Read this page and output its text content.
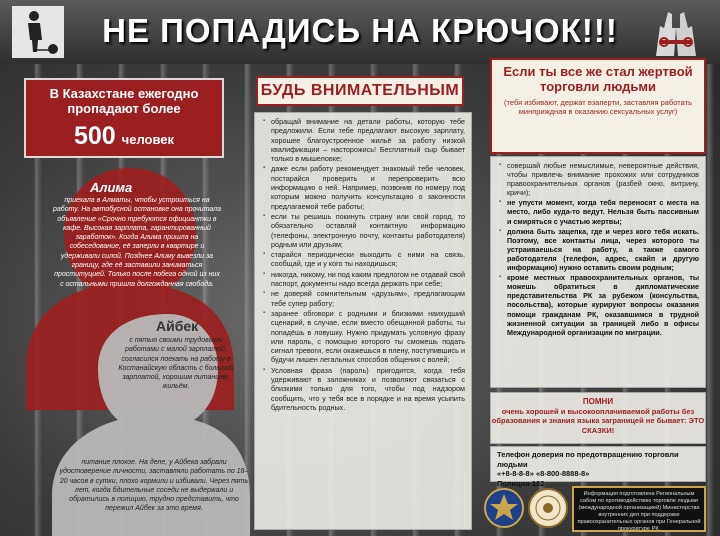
НЕ ПОПАДИСЬ НА КРЮЧОК!!!
В Казахстане ежегодно
пропадают более
500 человек
Алима
приехала в Алматы, чтобы устроиться на работу. На автобусной остановке она прочитала объявление «Срочно требуются официантки в кафе. Высокая зарплата, гарантированный заработок». Когда Алима пришла на собеседование, её заперли в квартире и удерживали силой. Позднее Алиму вывезли за границу, где её заставили заниматься проституцией. Только после побега одной из них с остальными пришла долгожданная свобода.
Айбек
с пятью своими трудовыми работами с малой зарплатой, согласился поехать на работу в Костанайскую область с большой зарплатой, хорошим питанием, жильём.
питание плохое. На деле, у Айбека забрали удостоверение личности, заставляли работать по 18–20 часов в сутки, плохо кормили и избивали. Через пять лет, когда бдительные соседи не выдержали и обратились в полицию, трудно представить, что пережил Айбек за это время.
БУДЬ ВНИМАТЕЛЬНЫМ
▪ обращай внимание на детали работы, которую тебе предложили. Если тебе предлагают высокую зарплату, хорошее благоустроенное жильё за работу низкой квалификации – насторожись! Бесплатный сыр бывает только в мышеловке;
▪ даже если работу рекомендует знакомый тебе человек, постарайся проверить и перепроверить всю информацию о ней. Например, позвонив по номеру под которым можно получить консультацию о законности предлагаемой тебе работы;
▪ если ты решишь покинуть страну или свой город, то обязательно оставляй контактную информацию (телефоны, электронную почту, контакты работодателя) родным или друзьям;
▪ старайся периодически выходить с ними на связь, сообщай, где и у кого ты находишься;
▪ никогда, никому, ни под каким предлогом не отдавай свой паспорт, документы надо всегда держать при себе;
▪ не доверяй сомнительным «друзьям», предлагающим тебе супер работу;
▪ заранее обговори с родными и близкими наихудший сценарий, в случае, если вместо обещанной работы, ты попадёшь в ловушку. Нужно придумать условную фразу или пароль, с помощью которого ты сможешь подать сигнал тревоги, если окажешься в плену, поступившись и будучи лишен легальных способов общения с волей;
▪ Условная фраза (пароль) пригодится, когда тебя удерживают в заложниках и позволяют связаться с близкими только для того, чтобы под надзором сообщить, что у тебя все в порядке и на время усыпить бдительность родных.
Если ты все же стал жертвой торговли людьми
(тебя избивают, держат взаперти, заставляя работать минприждная в оказанию сексуальных услуг)
▪ совершай любые немыслимые, невероятные действия, чтобы привлечь внимание прохожих или сотрудников правоохранительных органов (разбей окно, витрину, кричи);
▪ не упусти момент, когда тебя переносят с места на место, либо куда-то ведут. Нельзя быть пассивным и смиряться с участью жертвы;
▪ должна быть зацепка, где и через кого тебя искать. Поэтому, все контакты лица, через которого ты устраиваешься на работу, а также самого работодателя (телефон, адрес, скайп и другую информацию) нужно оставить своим родным;
▪ кроме местных правоохранительных органов, ты можешь обратиться в дипломатические представительства РК за рубежом (консульства, посольства), которые курируют вопросы оказания помощи гражданам РК, оказавшимся в трудной жизненной ситуации за границей либо в офисы Международной организации по миграции.
ПОМНИ
очень хорошей и высокооплачиваемой работы без образования и знания языка заграницей не бывает: ЭТО СКАЗКИ!
Телефон доверия по предотвращению торговли людьми
«+8-8-8-8» «8-800-8888-8»
Полиция 102
Информация подготовлена Региональным сабом по противодействию торговле людьми (международной организацией) Министерства внутренних дел при поддержке правоохранительных органов при Генеральной прокуратуре РК.
